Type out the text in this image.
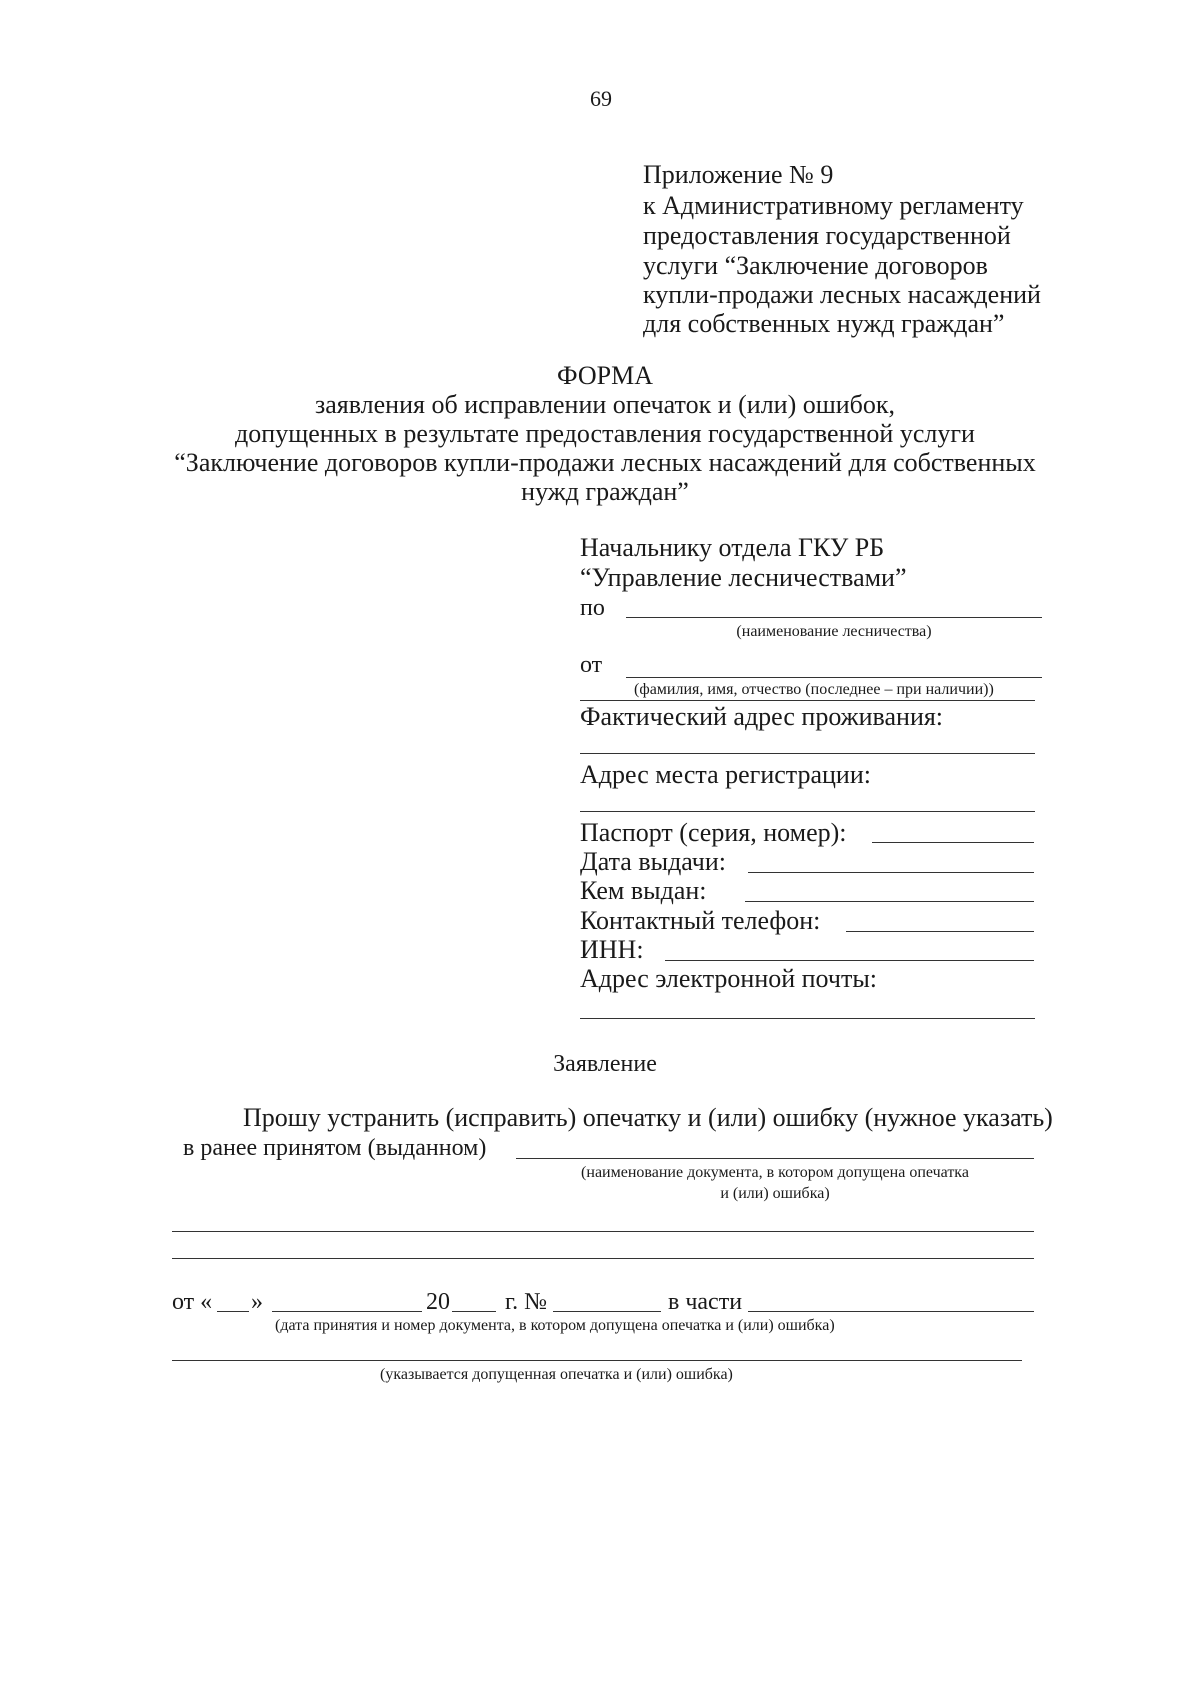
69
Приложение № 9
к Административному регламенту
предоставления государственной
услуги “Заключение договоров
купли-продажи лесных насаждений
для собственных нужд граждан”
ФОРМА
заявления об исправлении опечаток и (или) ошибок,
допущенных в результате предоставления государственной услуги
“Заключение договоров купли-продажи лесных насаждений для собственных
нужд граждан”
Начальнику отдела ГКУ РБ
“Управление лесничествами”
по
(наименование лесничества)
от
(фамилия, имя, отчество (последнее – при наличии))
Фактический адрес проживания:
Адрес места регистрации:
Паспорт (серия, номер):
Дата выдачи:
Кем выдан:
Контактный телефон:
ИНН:
Адрес электронной почты:
Заявление
Прошу устранить (исправить) опечатку и (или) ошибку (нужное указать)
в ранее принятом (выданном)
(наименование документа, в котором допущена опечатка
и (или) ошибка)
от « »	20 г. №	в части
(дата принятия и номер документа, в котором допущена опечатка и (или) ошибка)
(указывается допущенная опечатка и (или) ошибка)
